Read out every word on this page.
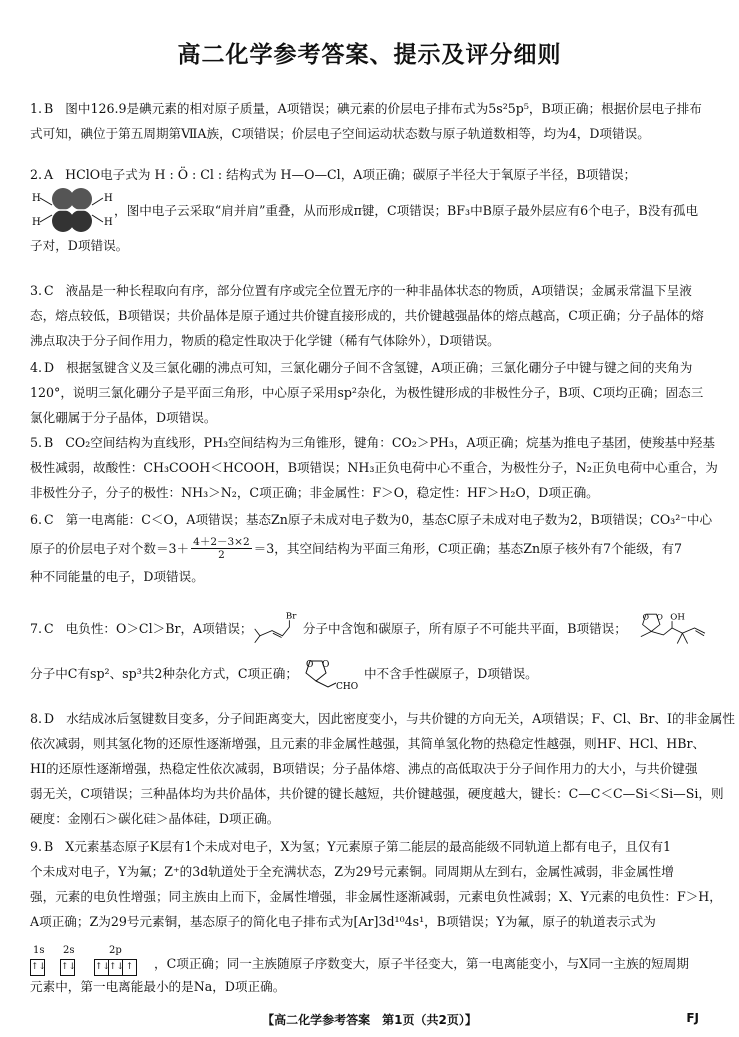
高二化学参考答案、提示及评分细则
1. B 图中126.9是碘元素的相对原子质量，A项错误；碘元素的价层电子排布式为5s²5p⁵，B项正确；根据价层电子排布
式可知，碘位于第五周期第ⅦA族，C项错误；价层电子空间运动状态数与原子轨道数相等，均为4，D项错误。
2. A HClO电子式为 H : Ö : Cl : 结构式为 H—O—Cl，A项正确；碳原子半径大于氧原子半径，B项错误；
H
H
H
H
，图中电子云采取“肩并肩”重叠，从而形成π键，C项错误；BF₃中B原子最外层应有6个电子，B没有孤电
子对，D项错误。
3. C 液晶是一种长程取向有序，部分位置有序或完全位置无序的一种非晶体状态的物质，A项错误；金属汞常温下呈液
态，熔点较低，B项错误；共价晶体是原子通过共价键直接形成的，共价键越强晶体的熔点越高，C项正确；分子晶体的熔
沸点取决于分子间作用力，物质的稳定性取决于化学键（稀有气体除外），D项错误。
4. D 根据氢键含义及三氯化硼的沸点可知，三氯化硼分子间不含氢键，A项正确；三氯化硼分子中键与键之间的夹角为
120°，说明三氯化硼分子是平面三角形，中心原子采用sp²杂化，为极性键形成的非极性分子，B项、C项均正确；固态三
氯化硼属于分子晶体，D项错误。
5. B CO₂空间结构为直线形，PH₃空间结构为三角锥形，键角：CO₂＞PH₃，A项正确；烷基为推电子基团，使羧基中羟基
极性减弱，故酸性：CH₃COOH＜HCOOH，B项错误；NH₃正负电荷中心不重合，为极性分子，N₂正负电荷中心重合，为
非极性分子，分子的极性：NH₃＞N₂，C项正确；非金属性：F＞O，稳定性：HF＞H₂O，D项正确。
6. C 第一电离能：C＜O，A项错误；基态Zn原子未成对电子数为0，基态C原子未成对电子数为2，B项错误；CO₃²⁻中心
原子的价层电子对个数$=3+ \frac{4+2-3\times 2}{2} =3$，其空间结构为平面三角形，C项正确；基态Zn原子核外有7个能级，有7
种不同能量的电子，D项错误。
7. C 电负性：O＞Cl＞Br，A项错误；
Br
分子中含饱和碳原子，所有原子不可能共平面，B项错误；
O O OH
分子中C有sp²、sp³共2种杂化方式，C项正确；
O O
CHO
中不含手性碳原子，D项错误。
8. D 水结成冰后氢键数目变多，分子间距离变大，因此密度变小，与共价键的方向无关，A项错误；F、Cl、Br、I的非金属性
依次减弱，则其氢化物的还原性逐渐增强，且元素的非金属性越强，其简单氢化物的热稳定性越强，则HF、HCl、HBr、
HI的还原性逐渐增强，热稳定性依次减弱，B项错误；分子晶体熔、沸点的高低取决于分子间作用力的大小，与共价键强
弱无关，C项错误；三种晶体均为共价晶体，共价键的键长越短，共价键越强，硬度越大，键长：C—C＜C—Si＜Si—Si，则
硬度：金刚石＞碳化硅＞晶体硅，D项正确。
9. B X元素基态原子K层有1个未成对电子，X为氢；Y元素原子第二能层的最高能级不同轨道上都有电子，且仅有1
个未成对电子，Y为氟；Z⁺的3d轨道处于全充满状态，Z为29号元素铜。同周期从左到右，金属性减弱，非金属性增
强，元素的电负性增强；同主族由上而下，金属性增强，非金属性逐渐减弱，元素电负性减弱；X、Y元素的电负性：F＞H，
A项正确；Z为29号元素铜，基态原子的简化电子排布式为[Ar]3d¹⁰4s¹，B项错误；Y为氟，原子的轨道表示式为
1s 2s	2p
↑↓ ↑↓ ↑↓↑↓ ↑ ，C项正确；同一主族随原子序数变大，原子半径变大，第一电离能变小，与X同一主族的短周期
元素中，第一电离能最小的是Na，D项正确。
【高二化学参考答案　第1页（共2页）】	FJ
